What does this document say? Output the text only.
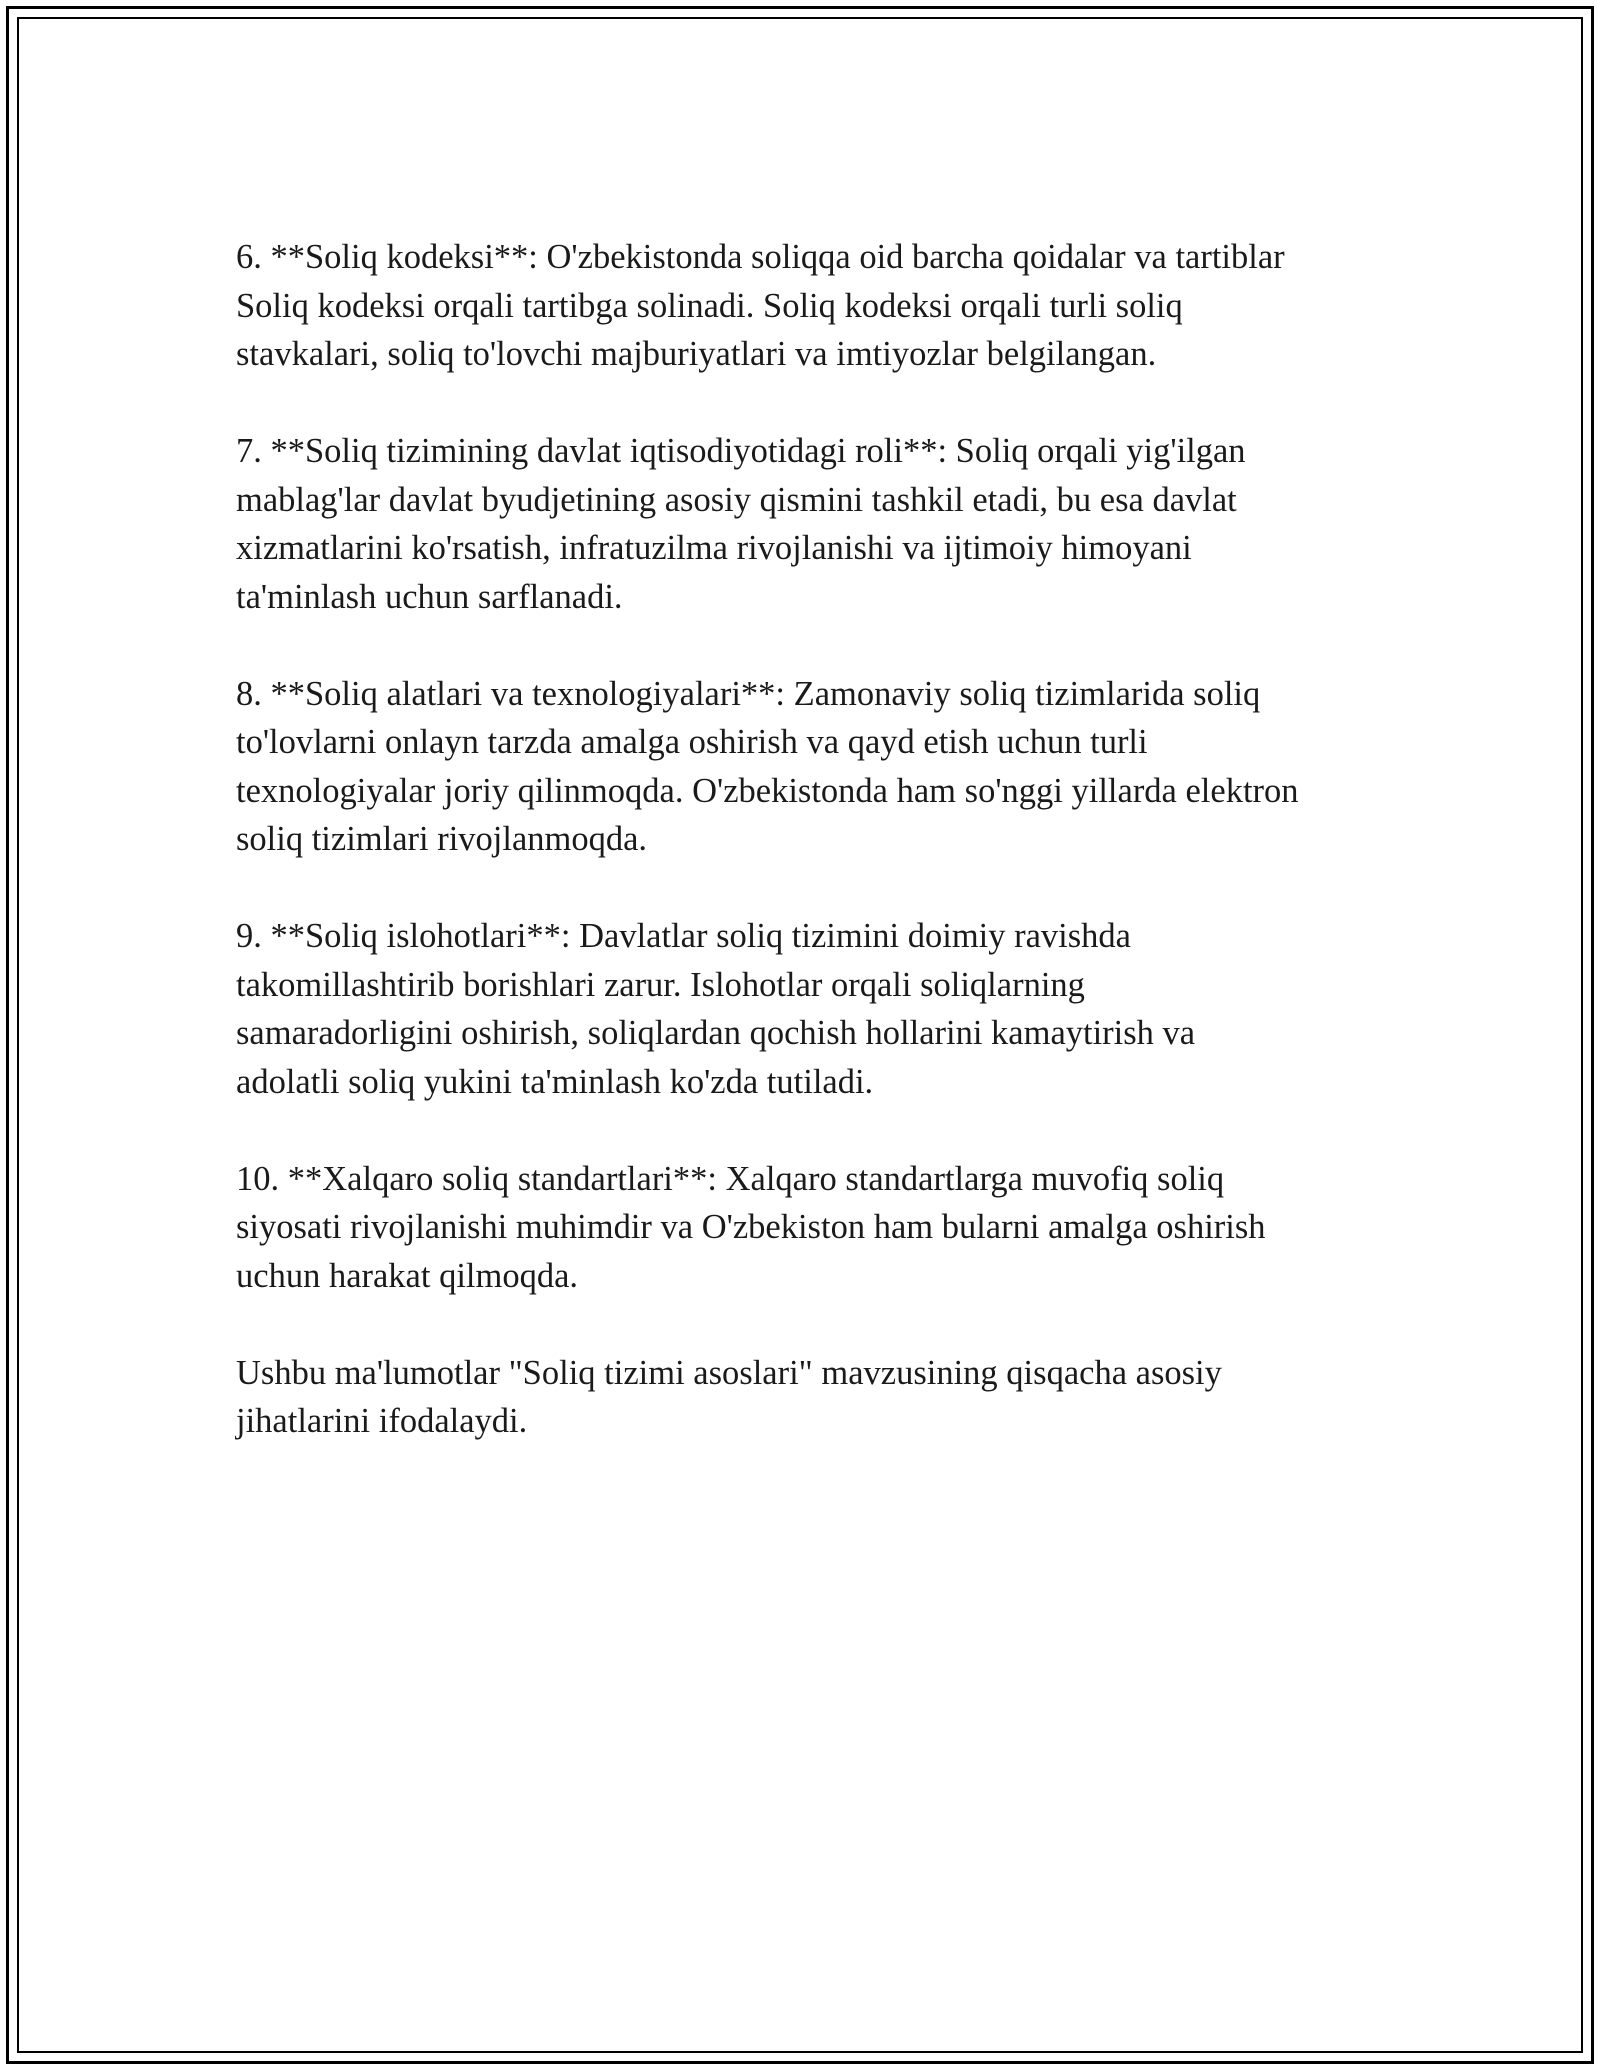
6. **Soliq kodeksi**: O'zbekistonda soliqqa oid barcha qoidalar va tartiblar
Soliq kodeksi orqali tartibga solinadi. Soliq kodeksi orqali turli soliq
stavkalari, soliq to'lovchi majburiyatlari va imtiyozlar belgilangan.

7. **Soliq tizimining davlat iqtisodiyotidagi roli**: Soliq orqali yig'ilgan
mablag'lar davlat byudjetining asosiy qismini tashkil etadi, bu esa davlat
xizmatlarini ko'rsatish, infratuzilma rivojlanishi va ijtimoiy himoyani
ta'minlash uchun sarflanadi.

8. **Soliq alatlari va texnologiyalari**: Zamonaviy soliq tizimlarida soliq
to'lovlarni onlayn tarzda amalga oshirish va qayd etish uchun turli
texnologiyalar joriy qilinmoqda. O'zbekistonda ham so'nggi yillarda elektron
soliq tizimlari rivojlanmoqda.

9. **Soliq islohotlari**: Davlatlar soliq tizimini doimiy ravishda
takomillashtirib borishlari zarur. Islohotlar orqali soliqlarning
samaradorligini oshirish, soliqlardan qochish hollarini kamaytirish va
adolatli soliq yukini ta'minlash ko'zda tutiladi.

10. **Xalqaro soliq standartlari**: Xalqaro standartlarga muvofiq soliq
siyosati rivojlanishi muhimdir va O'zbekiston ham bularni amalga oshirish
uchun harakat qilmoqda.

Ushbu ma'lumotlar "Soliq tizimi asoslari" mavzusining qisqacha asosiy
jihatlarini ifodalaydi.
